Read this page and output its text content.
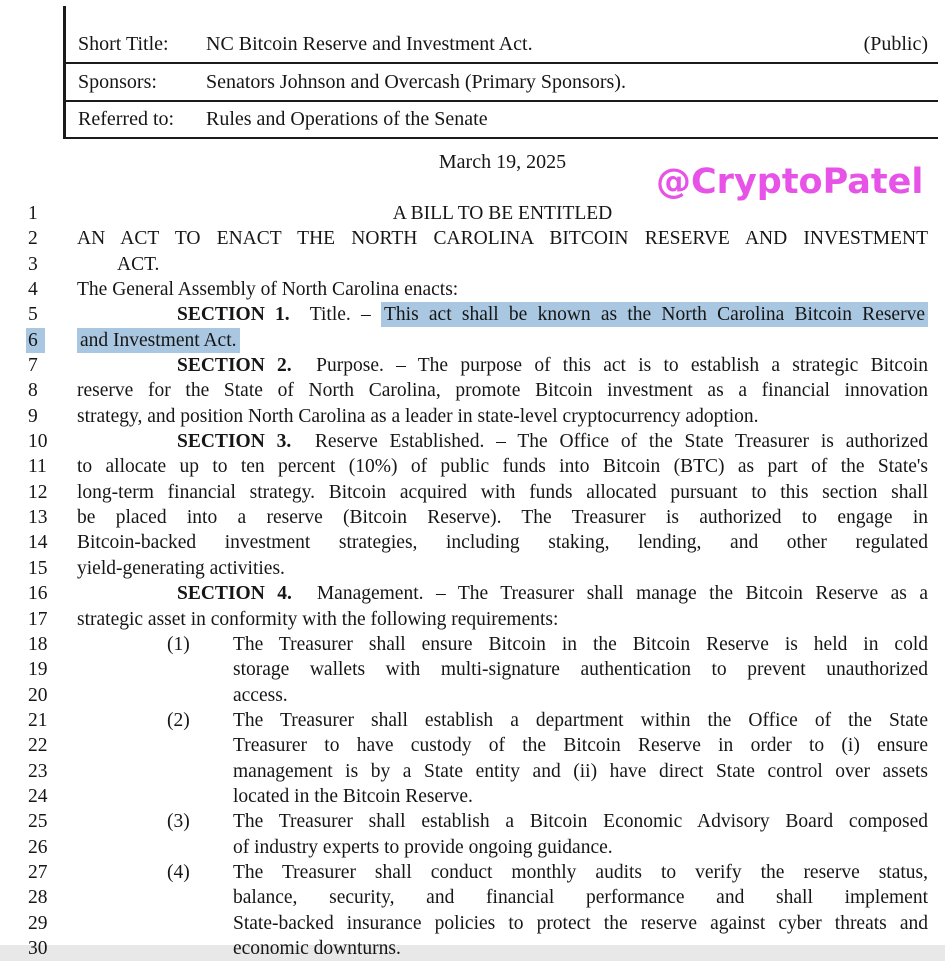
Short Title:	NC Bitcoin Reserve and Investment Act.	(Public)
Sponsors:	Senators Johnson and Overcash (Primary Sponsors).
Referred to:	Rules and Operations of the Senate
March 19, 2025	@CryptoPatel
1	A BILL TO BE ENTITLED
2	AN ACT TO ENACT THE NORTH CAROLINA BITCOIN RESERVE AND INVESTMENT
3	ACT.
4	The General Assembly of North Carolina enacts:
5	SECTION 1.  Title. – This act shall be known as the North Carolina Bitcoin Reserve
6	and Investment Act.
7	SECTION 2.  Purpose. – The purpose of this act is to establish a strategic Bitcoin
8	reserve for the State of North Carolina, promote Bitcoin investment as a financial innovation
9	strategy, and position North Carolina as a leader in state-level cryptocurrency adoption.
10	SECTION 3.  Reserve Established. – The Office of the State Treasurer is authorized
11	to allocate up to ten percent (10%) of public funds into Bitcoin (BTC) as part of the State's
12	long-term financial strategy. Bitcoin acquired with funds allocated pursuant to this section shall
13	be placed into a reserve (Bitcoin Reserve). The Treasurer is authorized to engage in
14	Bitcoin-backed investment strategies, including staking, lending, and other regulated
15	yield-generating activities.
16	SECTION 4.  Management. – The Treasurer shall manage the Bitcoin Reserve as a
17	strategic asset in conformity with the following requirements:
18	(1) The Treasurer shall ensure Bitcoin in the Bitcoin Reserve is held in cold
19	storage wallets with multi-signature authentication to prevent unauthorized
20	access.
21	(2) The Treasurer shall establish a department within the Office of the State
22	Treasurer to have custody of the Bitcoin Reserve in order to (i) ensure
23	management is by a State entity and (ii) have direct State control over assets
24	located in the Bitcoin Reserve.
25	(3) The Treasurer shall establish a Bitcoin Economic Advisory Board composed
26	of industry experts to provide ongoing guidance.
27	(4) The Treasurer shall conduct monthly audits to verify the reserve status,
28	balance, security, and financial performance and shall implement
29	State-backed insurance policies to protect the reserve against cyber threats and
30	economic downturns.
